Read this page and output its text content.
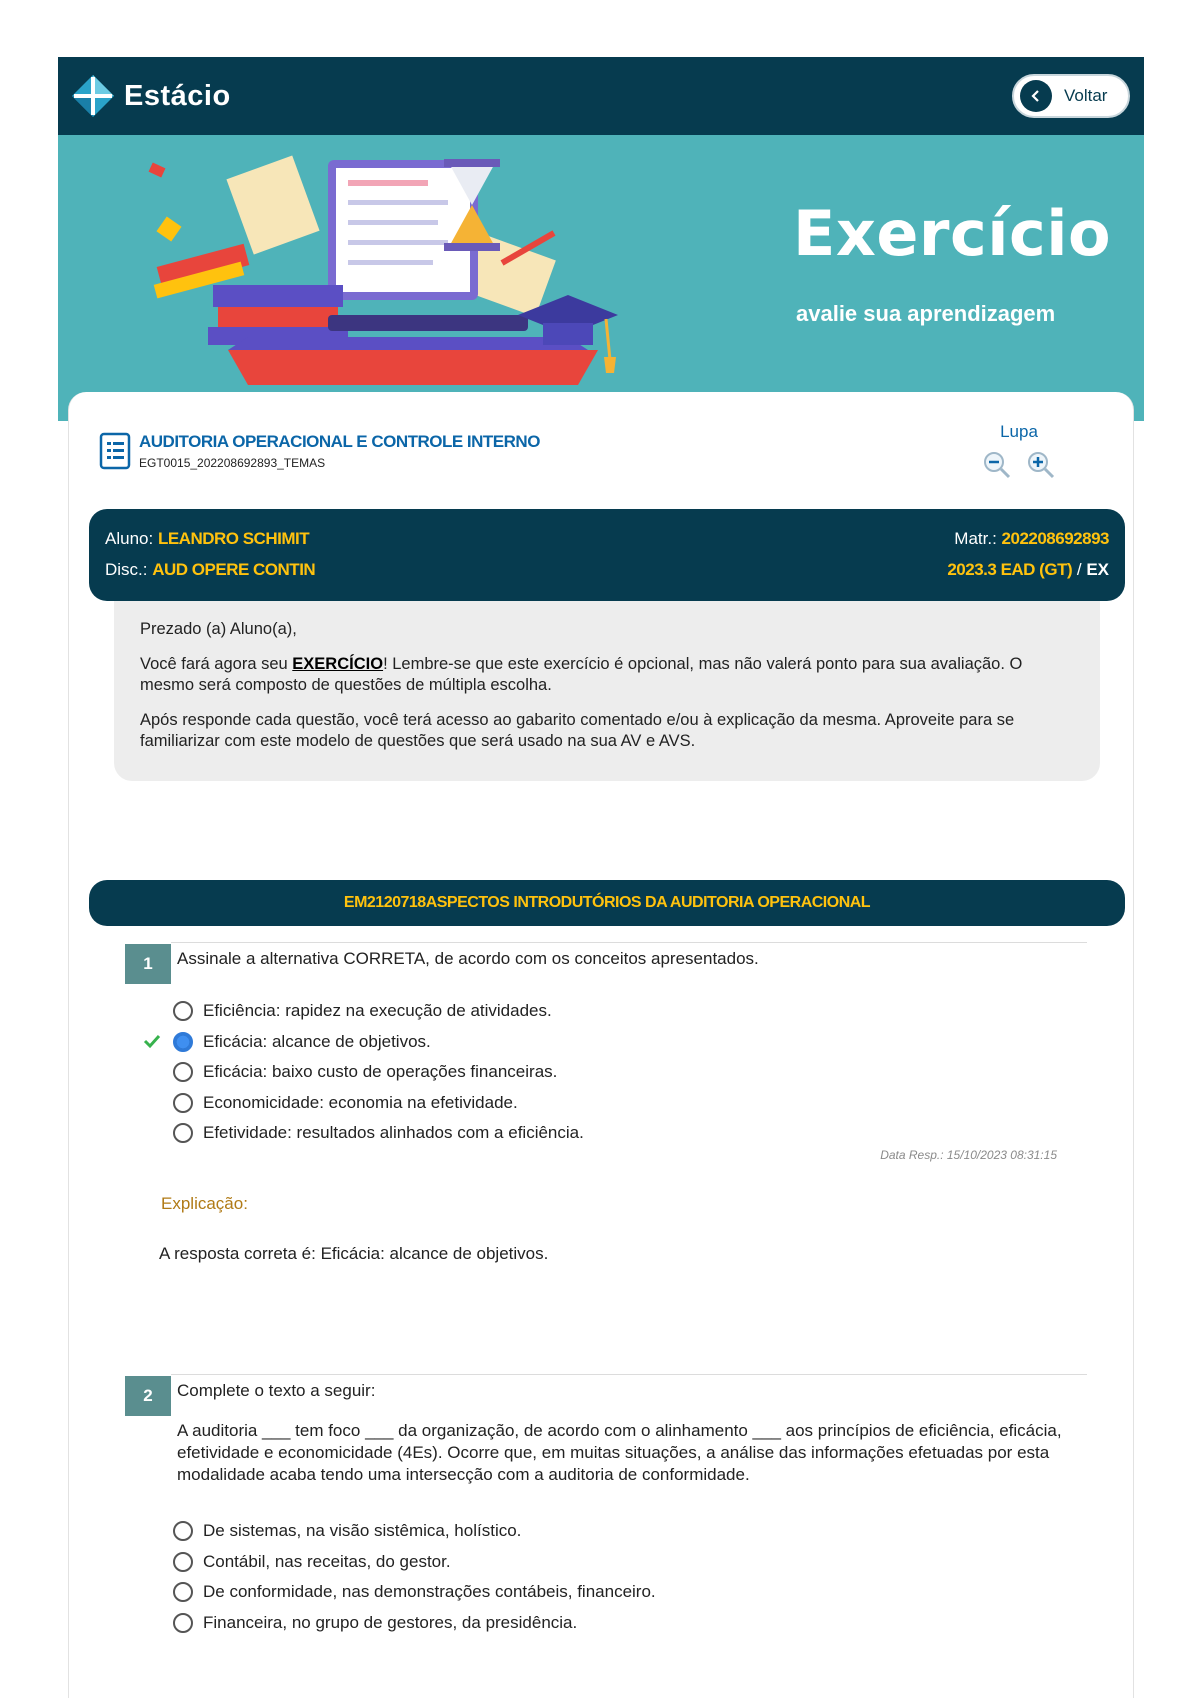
Estácio	Voltar
Exercício
avalie sua aprendizagem
AUDITORIA OPERACIONAL E CONTROLE INTERNO
EGT0015_202208692893_TEMAS
Lupa
Aluno: LEANDRO SCHIMIT
Disc.: AUD OPERE CONTIN
Matr.: 202208692893
2023.3 EAD (GT) / EX

Prezado (a) Aluno(a),

Você fará agora seu EXERCÍCIO! Lembre-se que este exercício é opcional, mas não valerá ponto para sua avaliação. O mesmo será composto de questões de múltipla escolha.

Após responde cada questão, você terá acesso ao gabarito comentado e/ou à explicação da mesma. Aproveite para se familiarizar com este modelo de questões que será usado na sua AV e AVS.

EM2120718ASPECTOS INTRODUTÓRIOS DA AUDITORIA OPERACIONAL
1	Assinale a alternativa CORRETA, de acordo com os conceitos apresentados.
Eficiência: rapidez na execução de atividades.
Eficácia: alcance de objetivos.
Eficácia: baixo custo de operações financeiras.
Economicidade: economia na efetividade.
Efetividade: resultados alinhados com a eficiência.
Data Resp.: 15/10/2023 08:31:15
Explicação:
A resposta correta é: Eficácia: alcance de objetivos.
2	Complete o texto a seguir:
A auditoria ___ tem foco ___ da organização, de acordo com o alinhamento ___ aos princípios de eficiência, eficácia, efetividade e economicidade (4Es). Ocorre que, em muitas situações, a análise das informações efetuadas por esta modalidade acaba tendo uma intersecção com a auditoria de conformidade.
De sistemas, na visão sistêmica, holístico.
Contábil, nas receitas, do gestor.
De conformidade, nas demonstrações contábeis, financeiro.
Financeira, no grupo de gestores, da presidência.
